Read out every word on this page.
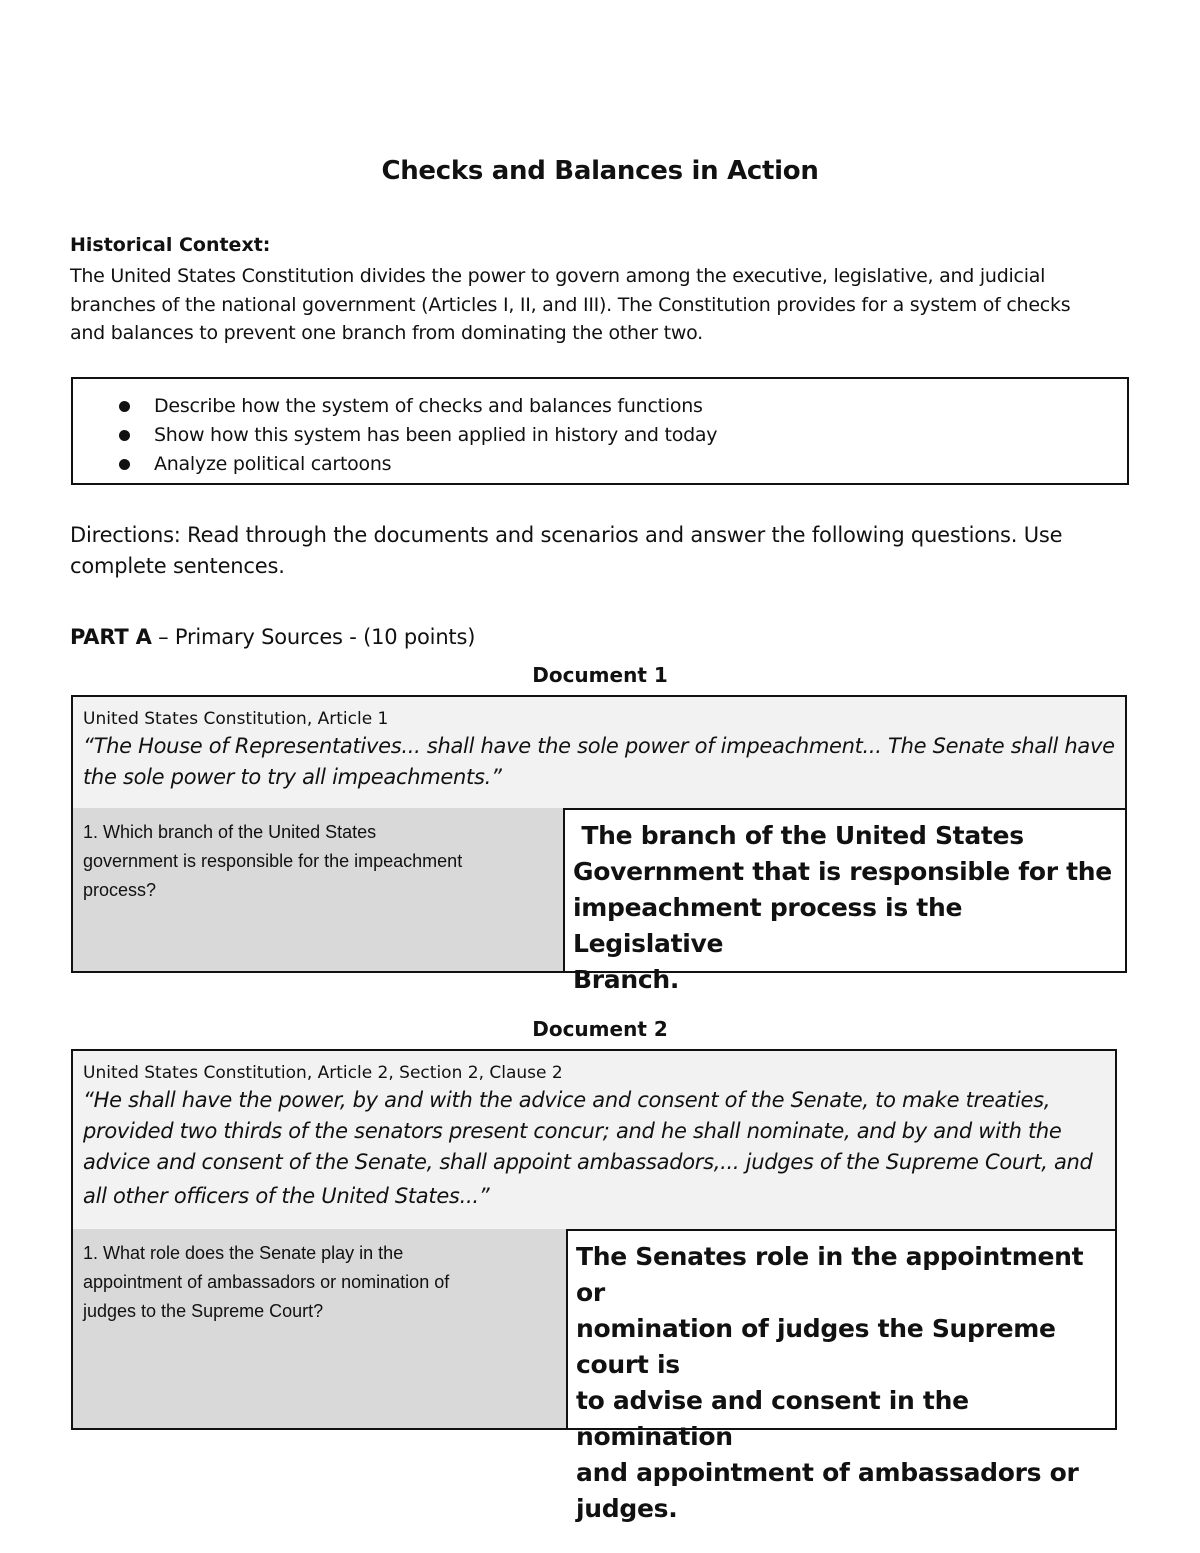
Checks and Balances in Action
Historical Context:
The United States Constitution divides the power to govern among the executive, legislative, and judicial
branches of the national government (Articles I, II, and III). The Constitution provides for a system of checks
and balances to prevent one branch from dominating the other two.
Describe how the system of checks and balances functions
Show how this system has been applied in history and today
Analyze political cartoons
Directions: Read through the documents and scenarios and answer the following questions. Use
complete sentences.
PART A – Primary Sources - (10 points)
Document 1
United States Constitution, Article 1
“The House of Representatives... shall have the sole power of impeachment... The Senate shall have
the sole power to try all impeachments.”
1. Which branch of the United States
government is responsible for the impeachment
process?
The branch of the United States
Government that is responsible for the
impeachment process is the Legislative
Branch.
Document 2
United States Constitution, Article 2, Section 2, Clause 2
“He shall have the power, by and with the advice and consent of the Senate, to make treaties,
provided two thirds of the senators present concur; and he shall nominate, and by and with the
advice and consent of the Senate, shall appoint ambassadors,... judges of the Supreme Court, and
all other officers of the United States...”
1. What role does the Senate play in the
appointment of ambassadors or nomination of
judges to the Supreme Court?
The Senates role in the appointment or
nomination of judges the Supreme court is
to advise and consent in the nomination
and appointment of ambassadors or
judges.
